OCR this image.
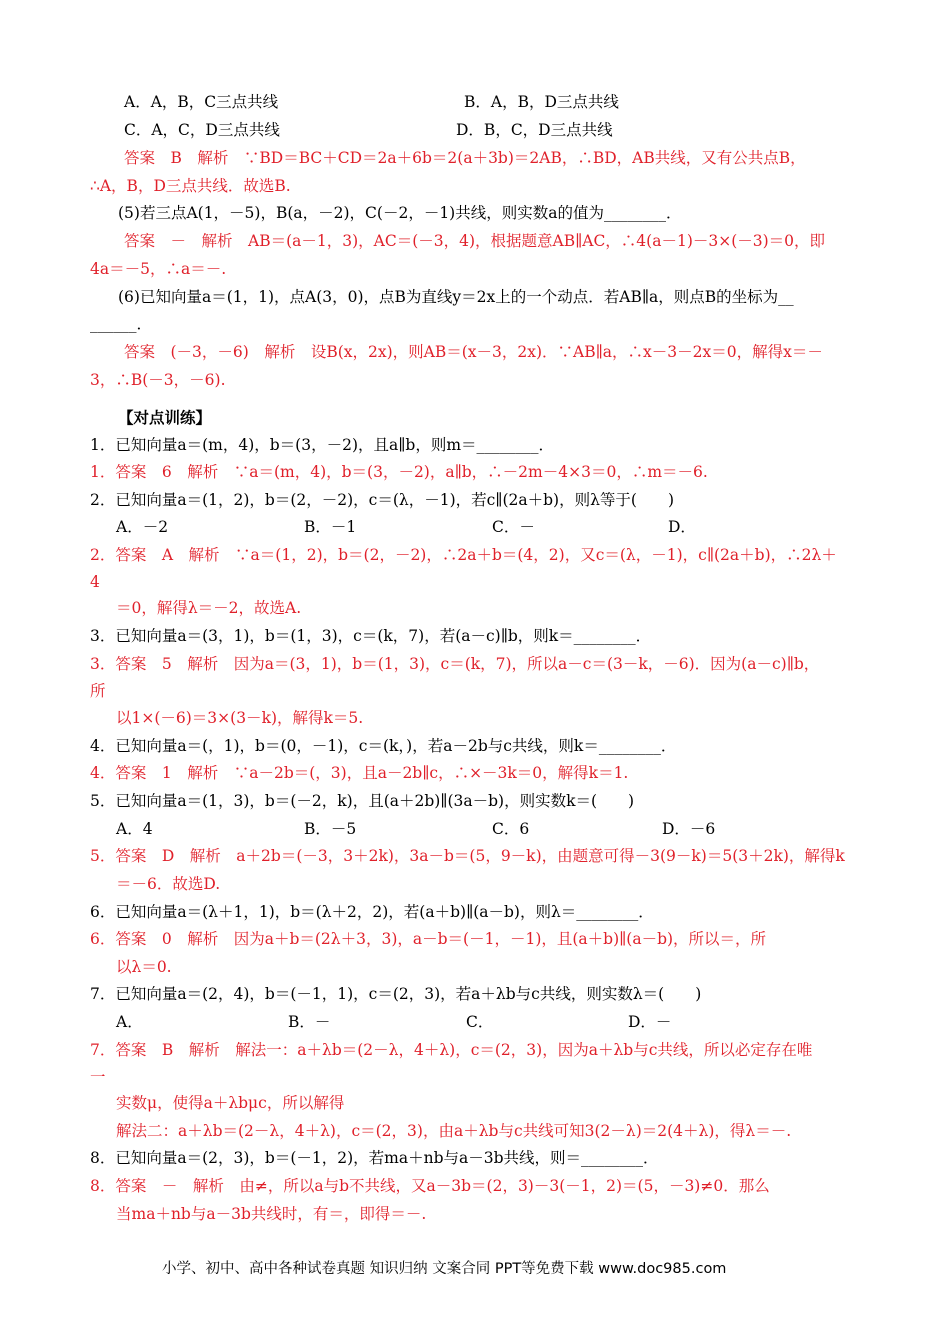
A．A，B，C三点共线	B．A，B，D三点共线
C．A，C，D三点共线	D．B，C，D三点共线
答案　B　解析　∵BD＝BC＋CD＝2a＋6b＝2(a＋3b)＝2AB，∴BD，AB共线，又有公共点B，
∴A，B，D三点共线．故选B.
(5)若三点A(1，－5)，B(a，－2)，C(－2，－1)共线，则实数a的值为________．
答案　－　解析　AB＝(a－1，3)，AC＝(－3，4)，根据题意AB∥AC，∴4(a－1)－3×(－3)＝0，即
4a＝－5，∴a＝－.
(6)已知向量a＝(1，1)，点A(3，0)，点B为直线y＝2x上的一个动点．若AB∥a，则点B的坐标为__
______．
答案　(－3，－6)　解析　设B(x，2x)，则AB＝(x－3，2x)．∵AB∥a，∴x－3－2x＝0，解得x＝－
3，∴B(－3，－6).
【对点训练】
1．已知向量a＝(m，4)，b＝(3，－2)，且a∥b，则m＝________．
1．答案　6　解析　∵a＝(m，4)，b＝(3，－2)，a∥b，∴－2m－4×3＝0，∴m＝－6.
2．已知向量a＝(1，2)，b＝(2，－2)，c＝(λ，－1)，若c∥(2a＋b)，则λ等于(　　)
A．－2	B．－1	C．－	D．
2．答案　A　解析　∵a＝(1，2)，b＝(2，－2)，∴2a＋b＝(4，2)，又c＝(λ，－1)，c∥(2a＋b)，∴2λ＋
4
＝0，解得λ＝－2，故选A.
3．已知向量a＝(3，1)，b＝(1，3)，c＝(k，7)，若(a－c)∥b，则k＝________．
3．答案　5　解析　因为a＝(3，1)，b＝(1，3)，c＝(k，7)，所以a－c＝(3－k，－6)．因为(a－c)∥b，
所
以1×(－6)＝3×(3－k)，解得k＝5.
4．已知向量a＝(，1)，b＝(0，－1)，c＝(k，)，若a－2b与c共线，则k＝________．
4．答案　1　解析　∵a－2b＝(，3)，且a－2b∥c，∴×－3k＝0，解得k＝1.
5．已知向量a＝(1，3)，b＝(－2，k)，且(a＋2b)∥(3a－b)，则实数k＝(　　)
A．4	B．－5	C．6	D．－6
5．答案　D　解析　a＋2b＝(－3，3＋2k)，3a－b＝(5，9－k)，由题意可得－3(9－k)＝5(3＋2k)，解得k
＝－6．故选D.
6．已知向量a＝(λ＋1，1)，b＝(λ＋2，2)，若(a＋b)∥(a－b)，则λ＝________．
6．答案　0　解析　因为a＋b＝(2λ＋3，3)，a－b＝(－1，－1)，且(a＋b)∥(a－b)，所以＝，所
以λ＝0.
7．已知向量a＝(2，4)，b＝(－1，1)，c＝(2，3)，若a＋λb与c共线，则实数λ＝(　　)
A．	B．－	C．	D．－
7．答案　B　解析　解法一：a＋λb＝(2－λ，4＋λ)，c＝(2，3)，因为a＋λb与c共线，所以必定存在唯
一
实数μ，使得a＋λbμc，所以解得
解法二：a＋λb＝(2－λ，4＋λ)，c＝(2，3)，由a＋λb与c共线可知3(2－λ)＝2(4＋λ)，得λ＝－.
8．已知向量a＝(2，3)，b＝(－1，2)，若ma＋nb与a－3b共线，则＝________．
8．答案　－　解析　由≠，所以a与b不共线，又a－3b＝(2，3)－3(－1，2)＝(5，－3)≠0．那么
当ma＋nb与a－3b共线时，有＝，即得＝－.
小学、初中、高中各种试卷真题 知识归纳 文案合同 PPT等免费下载 www.doc985.com
